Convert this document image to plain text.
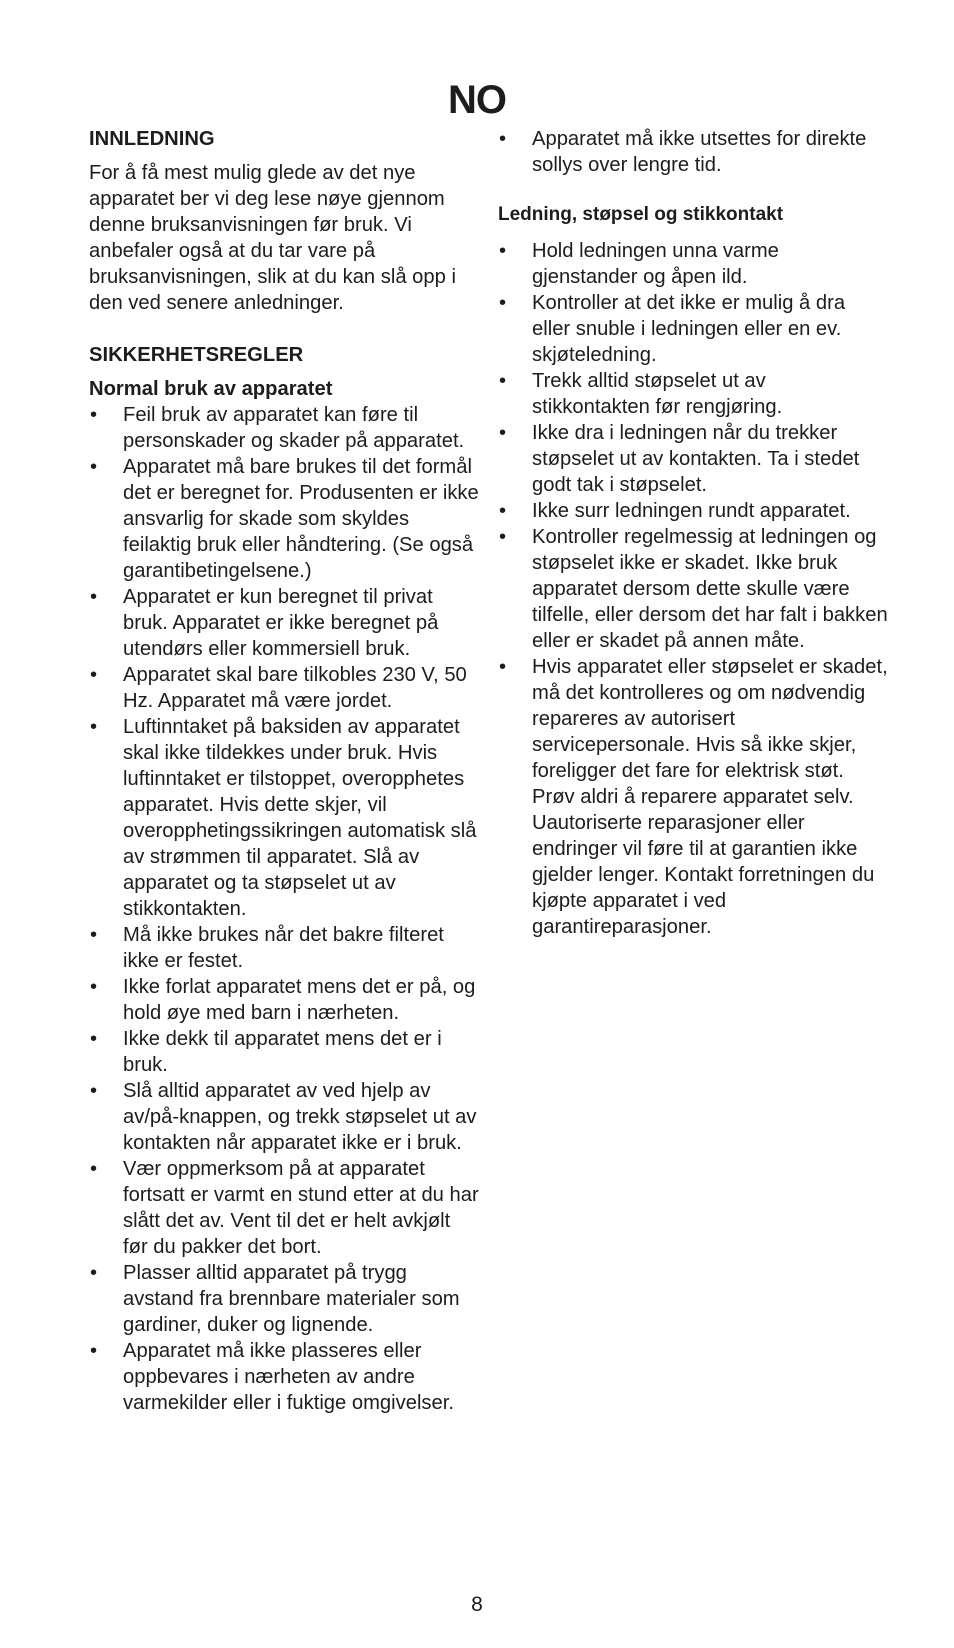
NO
INNLEDNING

For å få mest mulig glede av det nye apparatet ber vi deg lese nøye gjennom denne bruksanvisningen før bruk. Vi anbefaler også at du tar vare på bruksanvisningen, slik at du kan slå opp i den ved senere anledninger.

SIKKERHETSREGLER
Normal bruk av apparatet
• Feil bruk av apparatet kan føre til personskader og skader på apparatet.
• Apparatet må bare brukes til det formål det er beregnet for. Produsenten er ikke ansvarlig for skade som skyldes feilaktig bruk eller håndtering. (Se også garantibetingelsene.)
• Apparatet er kun beregnet til privat bruk. Apparatet er ikke beregnet på utendørs eller kommersiell bruk.
• Apparatet skal bare tilkobles 230 V, 50 Hz. Apparatet må være jordet.
• Luftinntaket på baksiden av apparatet skal ikke tildekkes under bruk. Hvis luftinntaket er tilstoppet, overopphetes apparatet. Hvis dette skjer, vil overopphetingssikringen automatisk slå av strømmen til apparatet. Slå av apparatet og ta støpselet ut av stikkontakten.
• Må ikke brukes når det bakre filteret ikke er festet.
• Ikke forlat apparatet mens det er på, og hold øye med barn i nærheten.
• Ikke dekk til apparatet mens det er i bruk.
• Slå alltid apparatet av ved hjelp av av/på-knappen, og trekk støpselet ut av kontakten når apparatet ikke er i bruk.
• Vær oppmerksom på at apparatet fortsatt er varmt en stund etter at du har slått det av. Vent til det er helt avkjølt før du pakker det bort.
• Plasser alltid apparatet på trygg avstand fra brennbare materialer som gardiner, duker og lignende.
• Apparatet må ikke plasseres eller oppbevares i nærheten av andre varmekilder eller i fuktige omgivelser.
• Apparatet må ikke utsettes for direkte sollys over lengre tid.
Ledning, støpsel og stikkontakt
• Hold ledningen unna varme gjenstander og åpen ild.
• Kontroller at det ikke er mulig å dra eller snuble i ledningen eller en ev. skjøteledning.
• Trekk alltid støpselet ut av stikkontakten før rengjøring.
• Ikke dra i ledningen når du trekker støpselet ut av kontakten. Ta i stedet godt tak i støpselet.
• Ikke surr ledningen rundt apparatet.
• Kontroller regelmessig at ledningen og støpselet ikke er skadet. Ikke bruk apparatet dersom dette skulle være tilfelle, eller dersom det har falt i bakken eller er skadet på annen måte.
• Hvis apparatet eller støpselet er skadet, må det kontrolleres og om nødvendig repareres av autorisert servicepersonale. Hvis så ikke skjer, foreligger det fare for elektrisk støt. Prøv aldri å reparere apparatet selv. Uautoriserte reparasjoner eller endringer vil føre til at garantien ikke gjelder lenger. Kontakt forretningen du kjøpte apparatet i ved garantireparasjoner.
8
